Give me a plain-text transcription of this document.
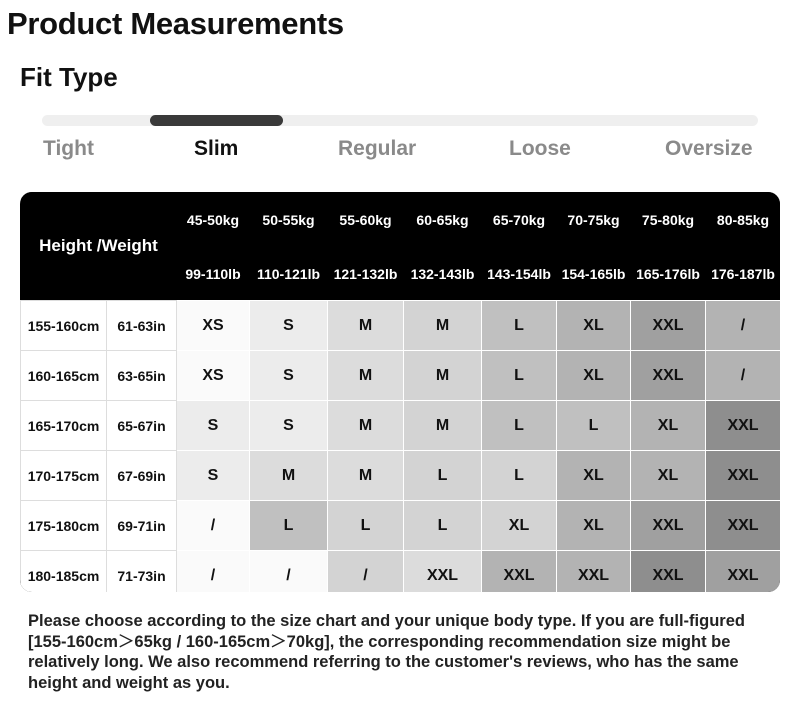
Product Measurements
Fit Type
Tight	Slim	Regular	Loose	Oversize
Height /Weight		45-50kg	50-55kg	55-60kg	60-65kg	65-70kg	70-75kg	75-80kg	80-85kg
		99-110lb	110-121lb	121-132lb	132-143lb	143-154lb	154-165lb	165-176lb	176-187lb
155-160cm	61-63in	XS	S	M	M	L	XL	XXL	/
160-165cm	63-65in	XS	S	M	M	L	XL	XXL	/
165-170cm	65-67in	S	S	M	M	L	L	XL	XXL
170-175cm	67-69in	S	M	M	L	L	XL	XL	XXL
175-180cm	69-71in	/	L	L	L	XL	XL	XXL	XXL
180-185cm	71-73in	/	/	/	XXL	XXL	XXL	XXL	XXL
Please choose according to the size chart and your unique body type. If you are full-figured [155-160cm＞65kg / 160-165cm＞70kg], the corresponding recommendation size might be relatively long. We also recommend referring to the customer's reviews, who has the same height and weight as you.
